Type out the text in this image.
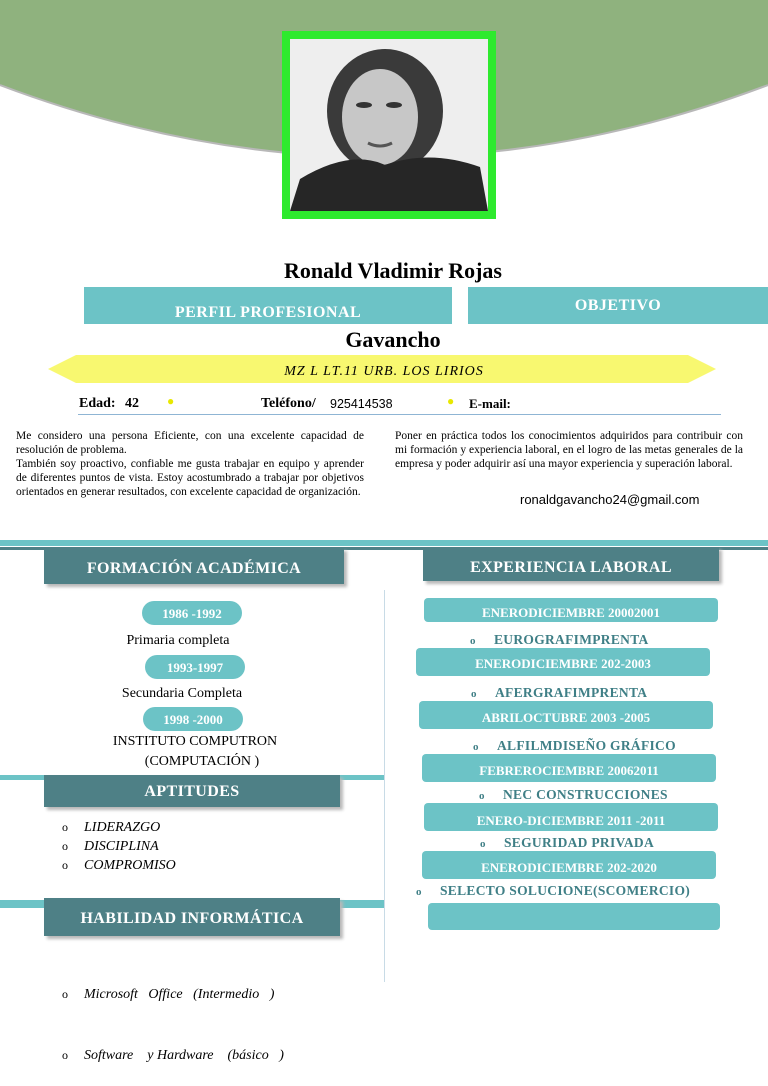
Ronald Vladimir Rojas
Gavancho
PERFIL PROFESIONAL	OBJETIVO
MZ L LT.11 URB. LOS LIRIOS
Edad: 42 ●	Teléfono/ 925414538	● E-mail:
Me considero una persona Eficiente, con una excelente capacidad de resolución de problema.
También soy proactivo, confiable me gusta trabajar en equipo y aprender de diferentes puntos de vista. Estoy acostumbrado a trabajar por objetivos orientados en generar resultados, con excelente capacidad de organización.
Poner en práctica todos los conocimientos adquiridos para contribuir con mi formación y experiencia laboral, en el logro de las metas generales de la empresa y poder adquirir así una mayor experiencia y superación laboral.
ronaldgavancho24@gmail.com
FORMACIÓN ACADÉMICA
1986 -1992
Primaria completa
1993-1997
Secundaria Completa
1998 -2000
INSTITUTO COMPUTRON
(COMPUTACIÓN )
APTITUDES
o LIDERAZGO
o DISCIPLINA
o COMPROMISO
HABILIDAD INFORMÁTICA

o Microsoft   Office   (Intermedio   )

o Software    y Hardware    (básico   )

EXPERIENCIA LABORAL
ENERODICIEMBRE 20002001
o EUROGRAFIMPRENTA
ENERODICIEMBRE 202-2003
o AFERGRAFIMPRENTA
ABRILOCTUBRE 2003 -2005
o ALFILMDISEÑO GRÁFICO
FEBREROCIEMBRE 20062011
o NEC CONSTRUCCIONES
ENERO-DICIEMBRE 2011 -2011
o SEGURIDAD PRIVADA
ENERODICIEMBRE 202-2020
o SELECTO SOLUCIONE(SCOMERCIO)
